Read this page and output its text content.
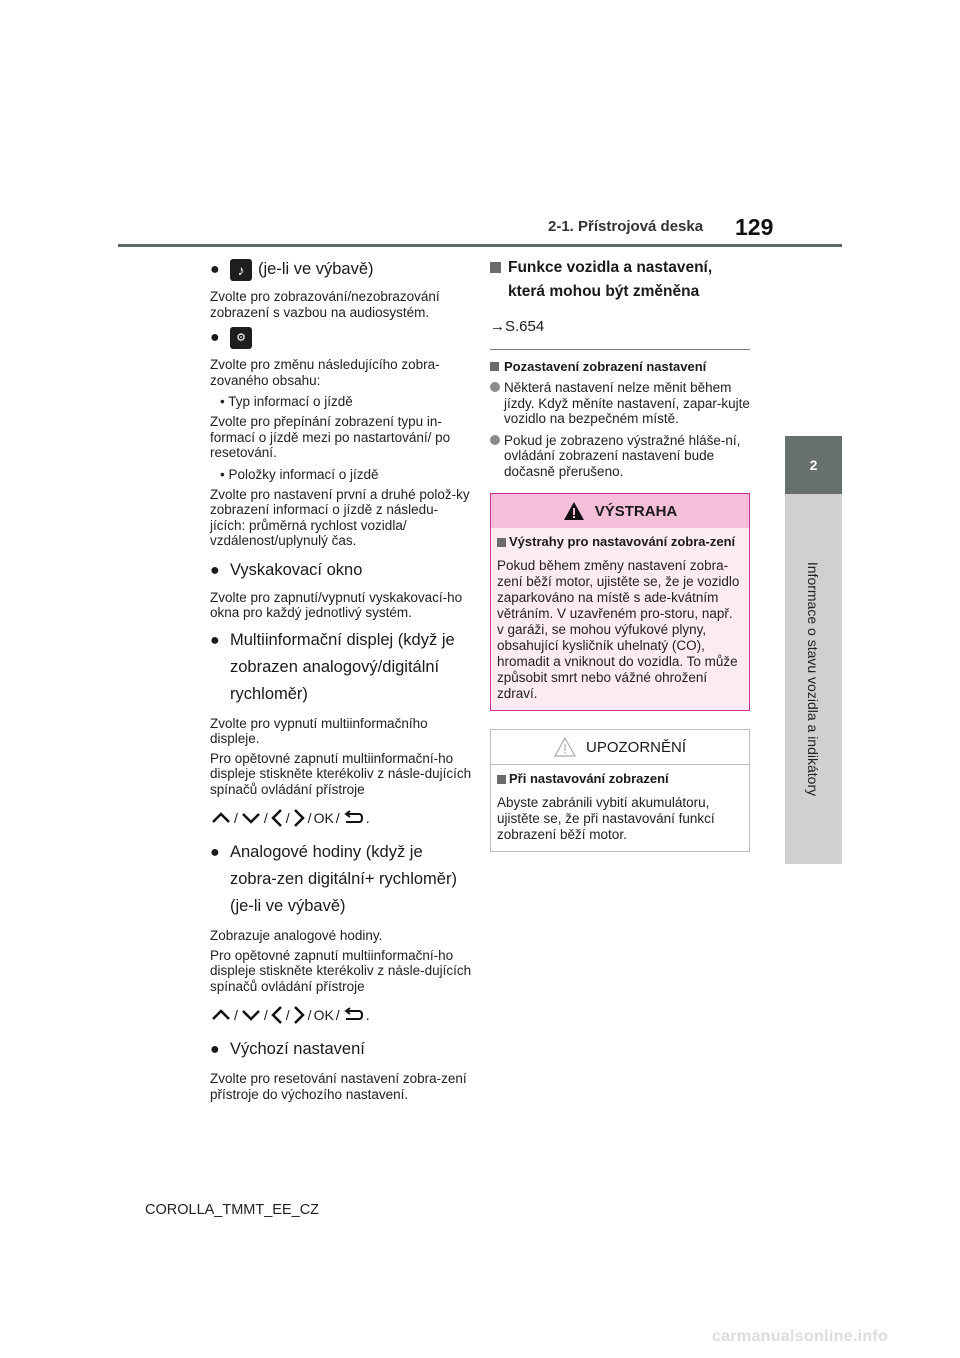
2-1. Přístrojová deska 129
2
Informace o stavu vozidla a indikátory

● ♪ (je-li ve výbavě)

Zvolte pro zobrazování/nezobrazování zobrazení s vazbou na audiosystém.

● ⚙

Zvolte pro změnu následujícího zobra-zovaného obsahu:

• Typ informací o jízdě

Zvolte pro přepínání zobrazení typu in-formací o jízdě mezi po nastartování/ po resetování.

• Položky informací o jízdě

Zvolte pro nastavení první a druhé polož-ky zobrazení informací o jízdě z následu-jících: průměrná rychlost vozidla/ vzdálenost/uplynulý čas.

● Vyskakovací okno

Zvolte pro zapnutí/vypnutí vyskakovací-ho okna pro každý jednotlivý systém.

● Multiinformační displej (když je zobrazen analogový/digitální rychloměr)

Zvolte pro vypnutí multiinformačního displeje.

Pro opětovné zapnutí multiinformační-ho displeje stiskněte kterékoliv z násle-dujících spínačů ovládání přístroje

/ / / / OK / .

● Analogové hodiny (když je zobra-zen digitální+ rychloměr) (je-li ve výbavě)

Zobrazuje analogové hodiny.

Pro opětovné zapnutí multiinformační-ho displeje stiskněte kterékoliv z násle-dujících spínačů ovládání přístroje

/ / / / OK / .

● Výchozí nastavení

Zvolte pro resetování nastavení zobra-zení přístroje do výchozího nastavení.

Funkce vozidla a nastavení, která mohou být změněna

→S.654

Pozastavení zobrazení nastavení

Některá nastavení nelze měnit během jízdy. Když měníte nastavení, zapar-kujte vozidlo na bezpečném místě.

Pokud je zobrazeno výstražné hláše-ní, ovládání zobrazení nastavení bude dočasně přerušeno.

VÝSTRAHA

Výstrahy pro nastavování zobra-zení

Pokud během změny nastavení zobra-zení běží motor, ujistěte se, že je vozidlo zaparkováno na místě s ade-kvátním větráním. V uzavřeném pro-storu, např. v garáži, se mohou výfukové plyny, obsahující kysličník uhelnatý (CO), hromadit a vniknout do vozidla. To může způsobit smrt nebo vážné ohrožení zdraví.

UPOZORNĚNÍ

Při nastavování zobrazení

Abyste zabránili vybití akumulátoru, ujistěte se, že při nastavování funkcí zobrazení běží motor.

COROLLA_TMMT_EE_CZ
carmanualsonline.info
